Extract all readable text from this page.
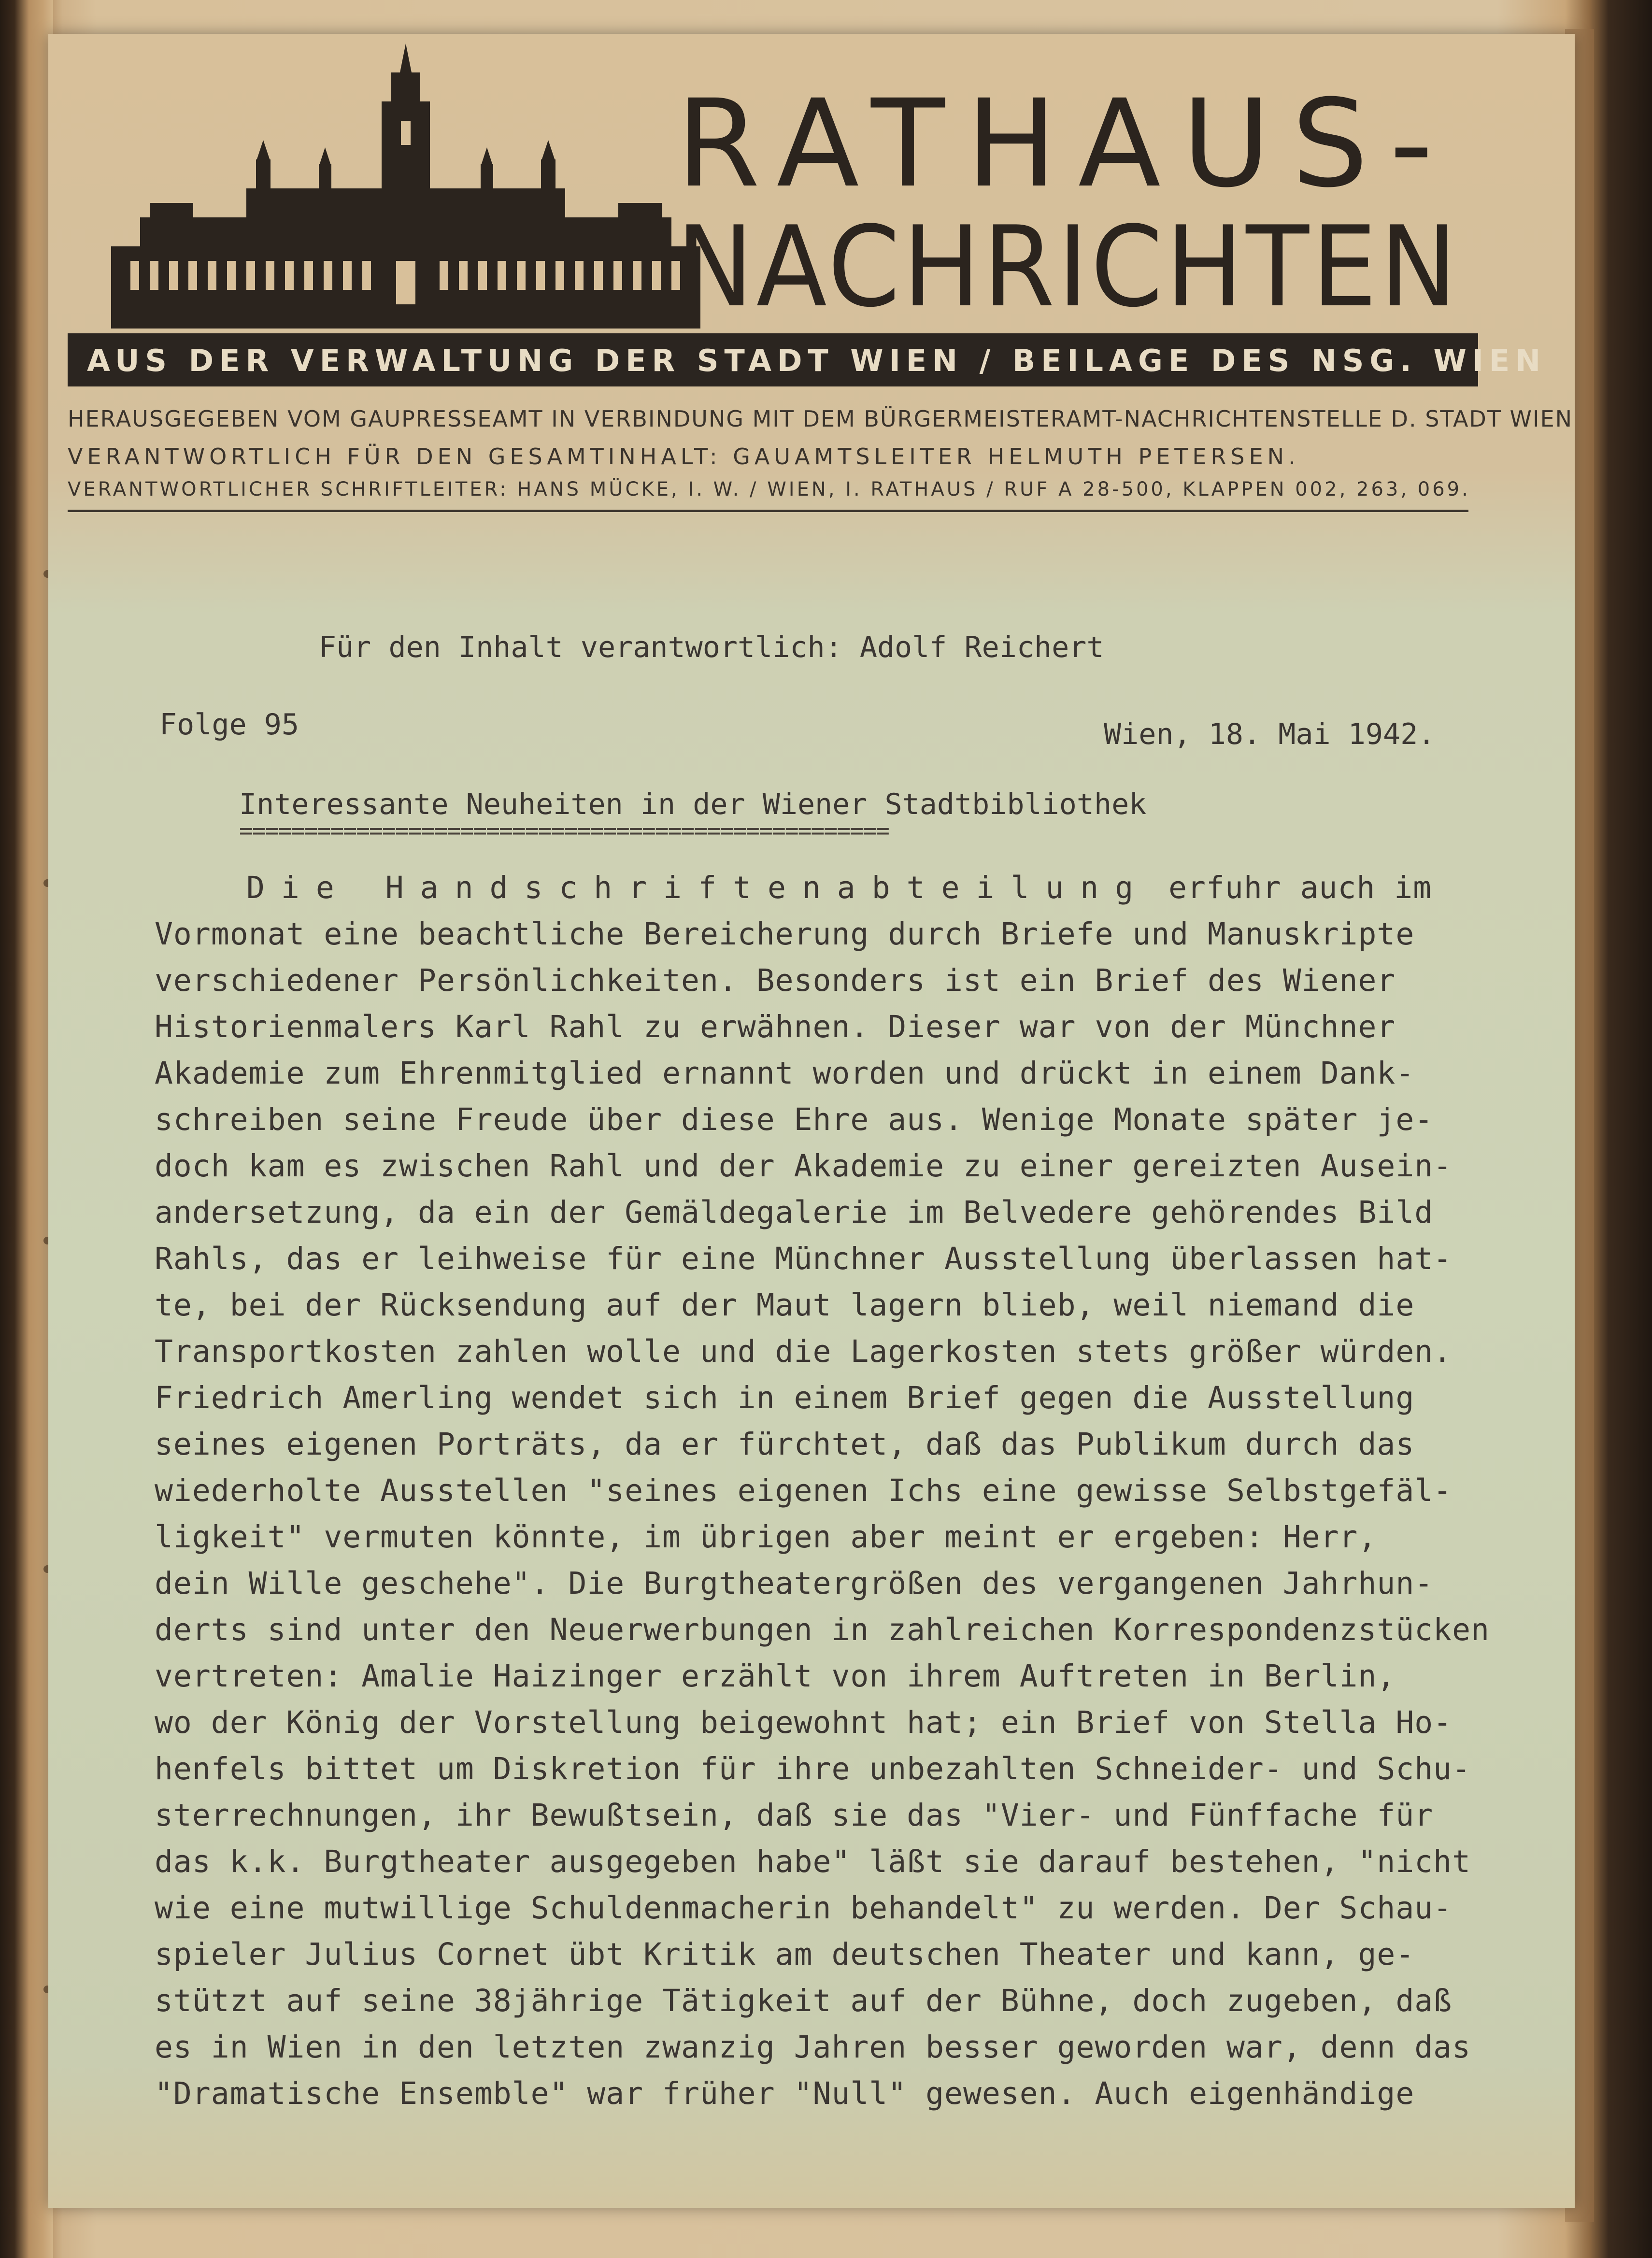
RATHAUS-
NACHRICHTEN
AUS DER VERWALTUNG DER STADT WIEN / BEILAGE DES NSG. WIEN
HERAUSGEGEBEN VOM GAUPRESSEAMT IN VERBINDUNG MIT DEM BÜRGERMEISTERAMT-NACHRICHTENSTELLE D. STADT WIEN
VERANTWORTLICH FÜR DEN GESAMTINHALT: GAUAMTSLEITER HELMUTH PETERSEN.
VERANTWORTLICHER SCHRIFTLEITER: HANS MÜCKE, I. W. / WIEN, I. RATHAUS / RUF A 28-500, KLAPPEN 002, 263, 069.
Für den Inhalt verantwortlich: Adolf Reichert
Folge 95	Wien, 18. Mai 1942.
Interessante Neuheiten in der Wiener Stadtbibliothek
==================================================
Die Handschriftenabteilung erfuhr auch im
Vormonat eine beachtliche Bereicherung durch Briefe und Manuskripte
verschiedener Persönlichkeiten. Besonders ist ein Brief des Wiener
Historienmalers Karl Rahl zu erwähnen. Dieser war von der Münchner
Akademie zum Ehrenmitglied ernannt worden und drückt in einem Dank-
schreiben seine Freude über diese Ehre aus. Wenige Monate später je-
doch kam es zwischen Rahl und der Akademie zu einer gereizten Ausein-
andersetzung, da ein der Gemäldegalerie im Belvedere gehörendes Bild
Rahls, das er leihweise für eine Münchner Ausstellung überlassen hat-
te, bei der Rücksendung auf der Maut lagern blieb, weil niemand die
Transportkosten zahlen wolle und die Lagerkosten stets größer würden.
Friedrich Amerling wendet sich in einem Brief gegen die Ausstellung
seines eigenen Porträts, da er fürchtet, daß das Publikum durch das
wiederholte Ausstellen "seines eigenen Ichs eine gewisse Selbstgefäl-
ligkeit" vermuten könnte, im übrigen aber meint er ergeben: Herr,
dein Wille geschehe". Die Burgtheatergrößen des vergangenen Jahrhun-
derts sind unter den Neuerwerbungen in zahlreichen Korrespondenzstücken
vertreten: Amalie Haizinger erzählt von ihrem Auftreten in Berlin,
wo der König der Vorstellung beigewohnt hat; ein Brief von Stella Ho-
henfels bittet um Diskretion für ihre unbezahlten Schneider- und Schu-
sterrechnungen, ihr Bewußtsein, daß sie das "Vier- und Fünffache für
das k.k. Burgtheater ausgegeben habe" läßt sie darauf bestehen, "nicht
wie eine mutwillige Schuldenmacherin behandelt" zu werden. Der Schau-
spieler Julius Cornet übt Kritik am deutschen Theater und kann, ge-
stützt auf seine 38jährige Tätigkeit auf der Bühne, doch zugeben, daß
es in Wien in den letzten zwanzig Jahren besser geworden war, denn das
"Dramatische Ensemble" war früher "Null" gewesen. Auch eigenhändige
